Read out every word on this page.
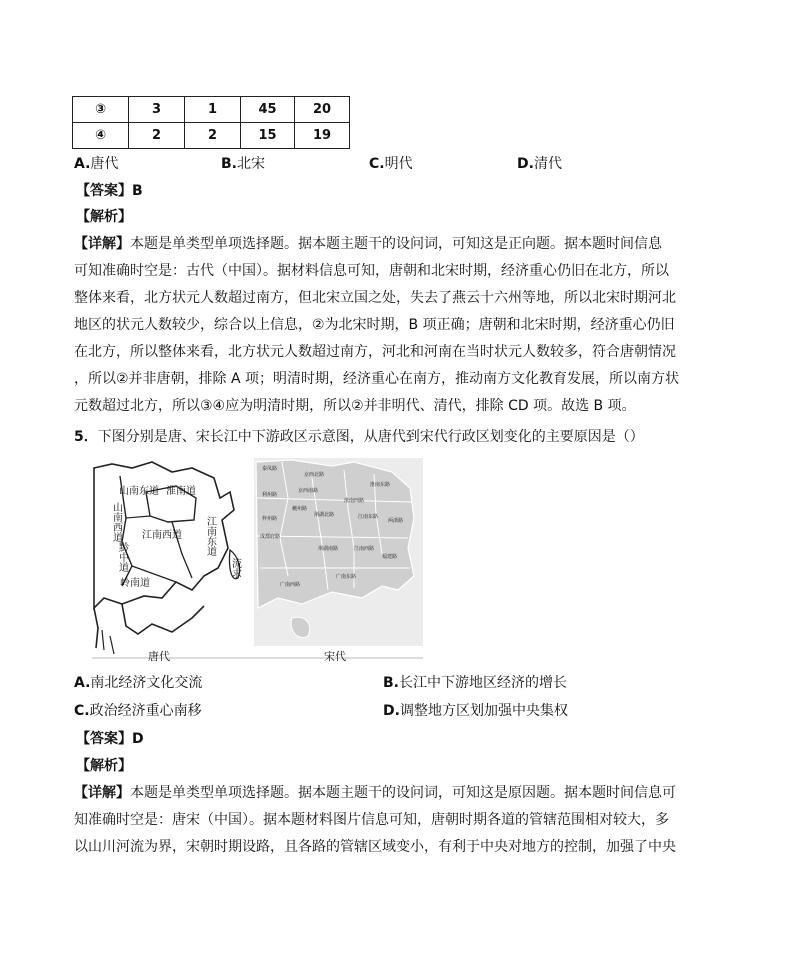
③	3	1	45	20
④	2	2	15	19
A.唐代	B.北宋	C.明代	D.清代
【答案】B
【解析】

【详解】本题是单类型单项选择题。据本题主题干的设问词，可知这是正向题。据本题时间信息

可知准确时空是：古代（中国）。据材料信息可知，唐朝和北宋时期，经济重心仍旧在北方，所以

整体来看，北方状元人数超过南方，但北宋立国之处，失去了燕云十六州等地，所以北宋时期河北

地区的状元人数较少，综合以上信息，②为北宋时期，B 项正确；唐朝和北宋时期，经济重心仍旧

在北方，所以整体来看，北方状元人数超过南方，河北和河南在当时状元人数较多，符合唐朝情况

，所以②并非唐朝，排除 A 项；明清时期，经济重心在南方，推动南方文化教育发展，所以南方状

元数超过北方，所以③④应为明清时期，所以②并非明代、清代，排除 CD 项。故选 B 项。

5．下图分别是唐、宋长江中下游政区示意图，从唐代到宋代行政区划变化的主要原因是（）
山南西道
山南东道 淮南道
黔中道
江南西道 江南东道
岭南道
流求
秦凤路
京西北路
京西南路
淮南东路
淮南西路
利州路
夔州路
梓州路
成都府路
荆湖北路	江南东路
两浙路
荆湖南路	江南西路
福建路
广南西路
广南东路
唐代	宋代
A.南北经济文化交流	B.长江中下游地区经济的增长
C.政治经济重心南移	D.调整地方区划加强中央集权
【答案】D
【解析】

【详解】本题是单类型单项选择题。据本题主题干的设问词，可知这是原因题。据本题时间信息可

知准确时空是：唐宋（中国）。据本题材料图片信息可知，唐朝时期各道的管辖范围相对较大，多

以山川河流为界，宋朝时期设路，且各路的管辖区域变小，有利于中央对地方的控制，加强了中央
